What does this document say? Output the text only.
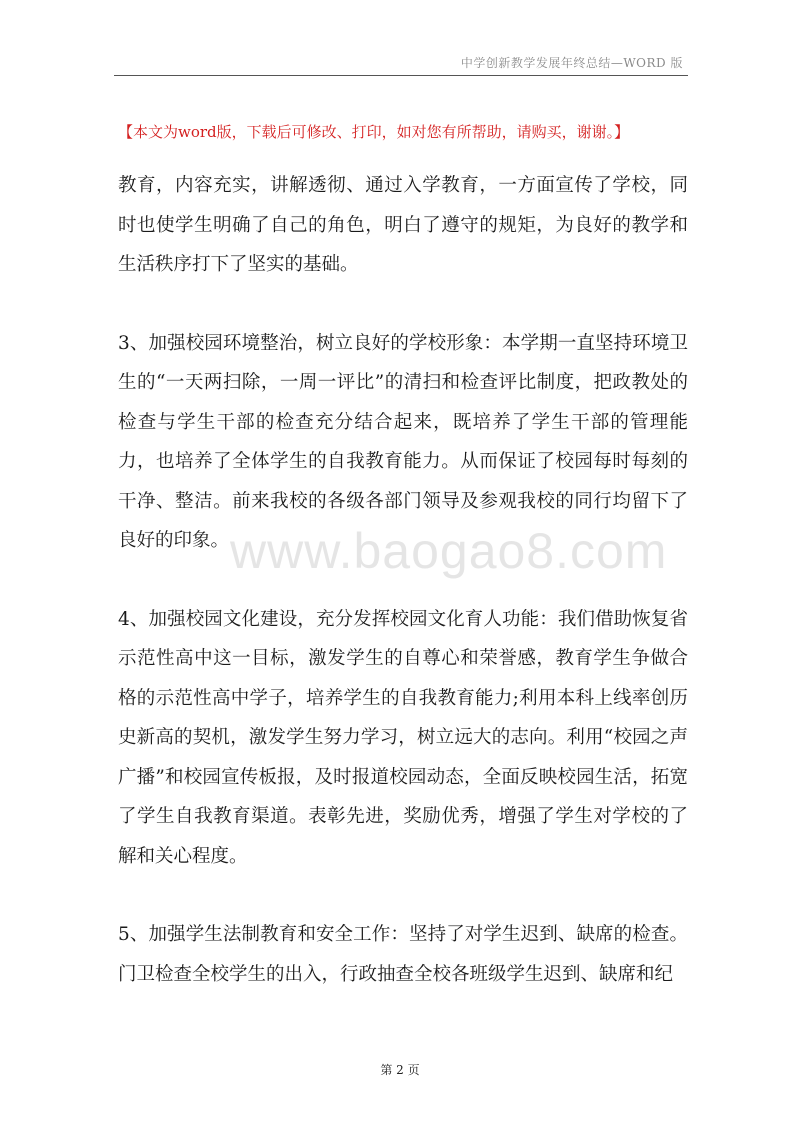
中学创新教学发展年终总结—WORD 版
【本文为word版，下载后可修改、打印，如对您有所帮助，请购买，谢谢。】

教育，内容充实，讲解透彻、通过入学教育，一方面宣传了学校，同时也使学生明确了自己的角色，明白了遵守的规矩，为良好的教学和生活秩序打下了坚实的基础。

3、加强校园环境整治，树立良好的学校形象：本学期一直坚持环境卫生的“一天两扫除，一周一评比”的清扫和检查评比制度，把政教处的检查与学生干部的检查充分结合起来，既培养了学生干部的管理能力，也培养了全体学生的自我教育能力。从而保证了校园每时每刻的干净、整洁。前来我校的各级各部门领导及参观我校的同行均留下了良好的印象。

4、加强校园文化建设，充分发挥校园文化育人功能：我们借助恢复省示范性高中这一目标，激发学生的自尊心和荣誉感，教育学生争做合格的示范性高中学子，培养学生的自我教育能力;利用本科上线率创历史新高的契机，激发学生努力学习，树立远大的志向。利用“校园之声广播”和校园宣传板报，及时报道校园动态，全面反映校园生活，拓宽了学生自我教育渠道。表彰先进，奖励优秀，增强了学生对学校的了解和关心程度。

5、加强学生法制教育和安全工作：坚持了对学生迟到、缺席的检查。门卫检查全校学生的出入，行政抽查全校各班级学生迟到、缺席和纪

www.baogao8.com
第 2 页
